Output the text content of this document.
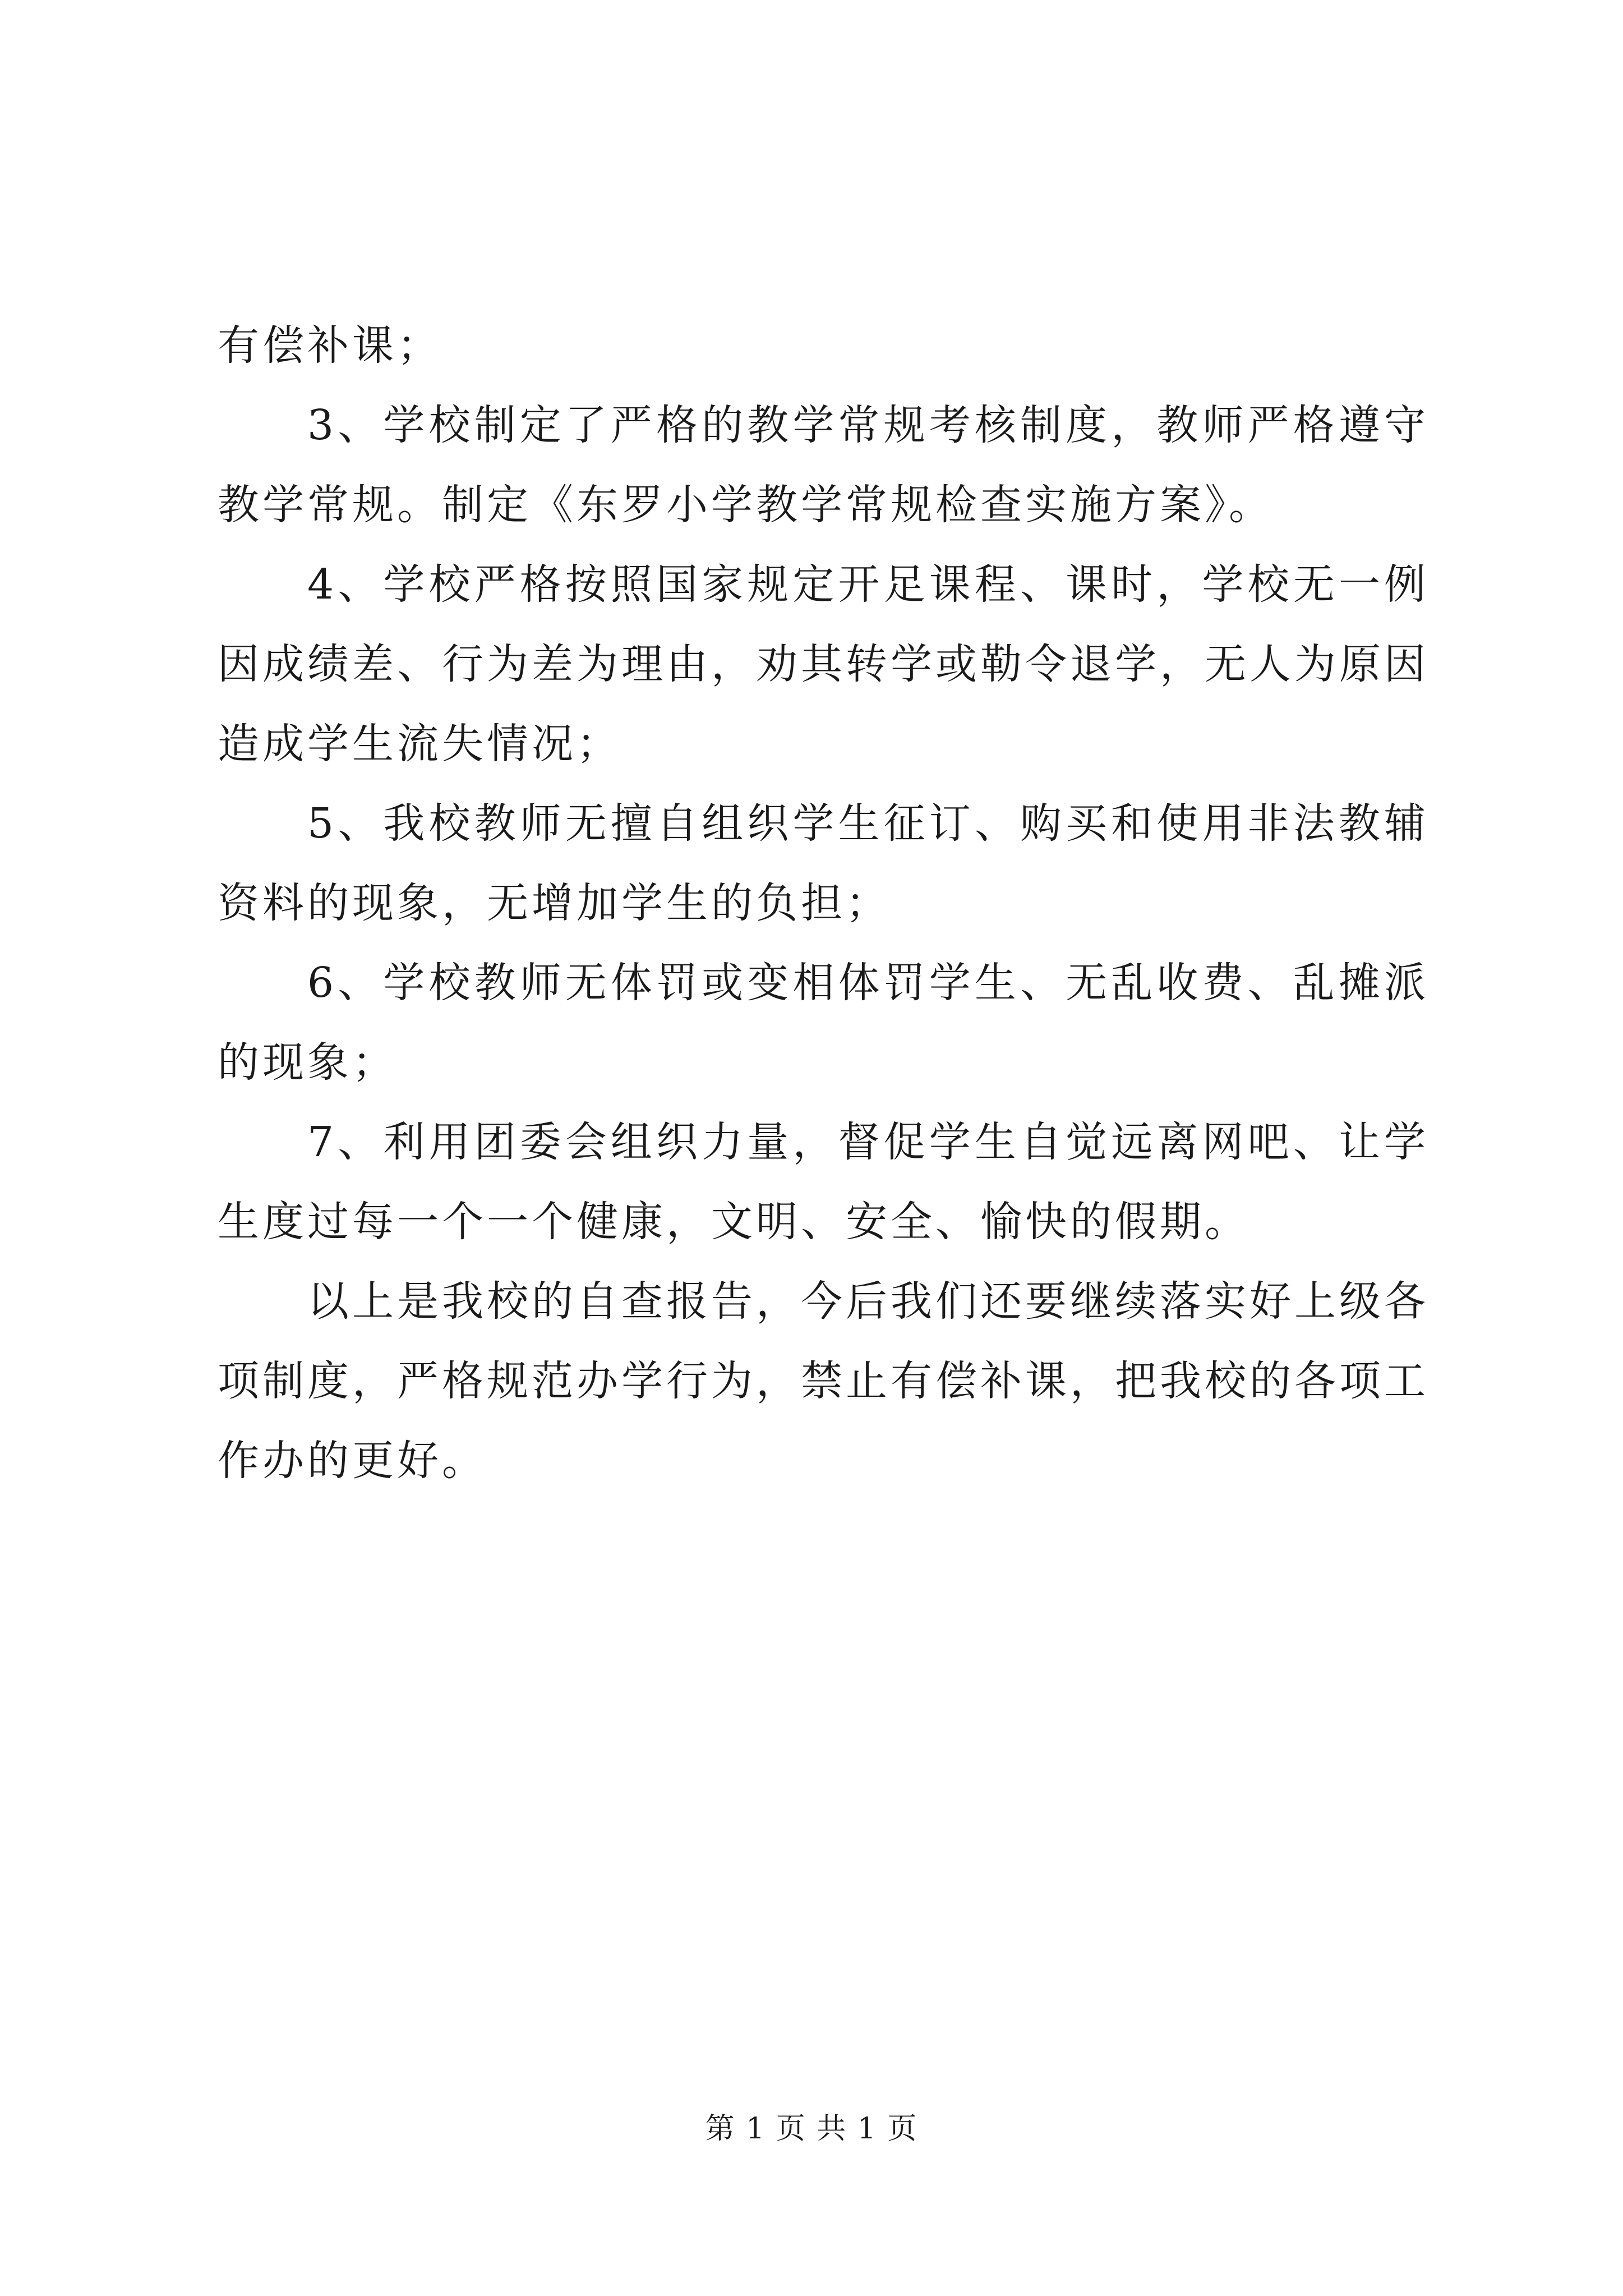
有偿补课；

3、学校制定了严格的教学常规考核制度，教师严格遵守教学常规。制定《东罗小学教学常规检查实施方案》。

4、学校严格按照国家规定开足课程、课时，学校无一例因成绩差、行为差为理由，劝其转学或勒令退学，无人为原因造成学生流失情况；

5、我校教师无擅自组织学生征订、购买和使用非法教辅资料的现象，无增加学生的负担；

6、学校教师无体罚或变相体罚学生、无乱收费、乱摊派的现象；

7、利用团委会组织力量，督促学生自觉远离网吧、让学生度过每一个一个健康，文明、安全、愉快的假期。

以上是我校的自查报告，今后我们还要继续落实好上级各项制度，严格规范办学行为，禁止有偿补课，把我校的各项工作办的更好。

第 1 页 共 1 页
